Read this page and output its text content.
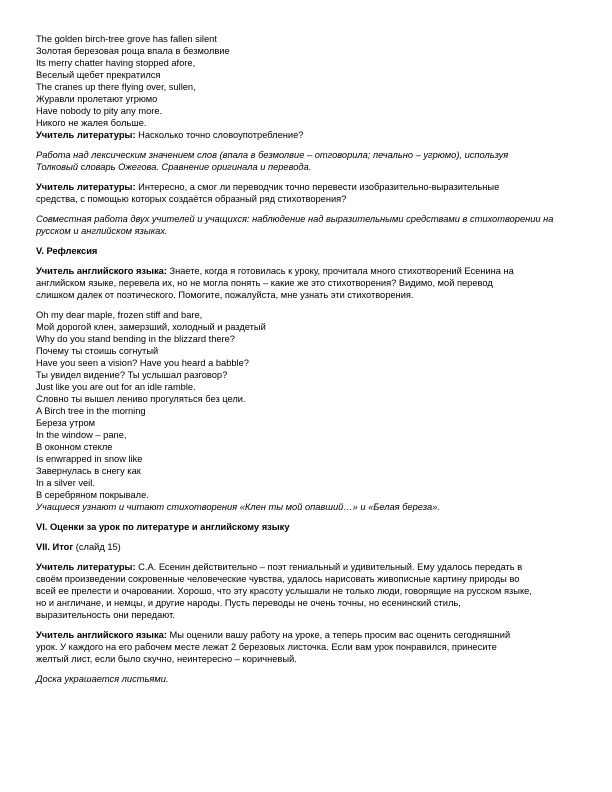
The golden birch-tree grove has fallen silent
Золотая березовая роща впала в безмолвие
Its merry chatter having stopped afore,
Веселый щебет прекратился
The cranes up there flying over, sullen,
Журавли пролетают угрюмо
Have nobody to pity any more.
Никого не жалея больше.
Учитель литературы: Насколько точно словоупотребление?
Работа над лексическим значением слов (впала в безмолвие – отговорила; печально – угрюмо), используя
Толковый словарь Ожегова. Сравнение оригинала и перевода.
Учитель литературы: Интересно, а смог ли переводчик точно перевести изобразительно-выразительные
средства, с помощью которых создаётся образный ряд стихотворения?
Совместная работа двух учителей и учащихся: наблюдение над выразительными средствами в стихотворении на
русском и английском языках.
V. Рефлексия
Учитель английского языка: Знаете, когда я готовилась к уроку, прочитала много стихотворений Есенина на
английском языке, перевела их, но не могла понять – какие же это стихотворения? Видимо, мой перевод
слишком далек от поэтического. Помогите, пожалуйста, мне узнать эти стихотворения.
Oh my dear maple, frozen stiff and bare,
Мой дорогой клен, замерзший, холодный и раздетый
Why do you stand bending in the blizzard there?
Почему ты стоишь согнутый
Have you seen a vision? Have you heard a babble?
Ты увидел видение? Ты услышал разговор?
Just like you are out for an idle ramble.
Словно ты вышел лениво прогуляться без цели.
A Birch tree in the morning
Береза утром
In the window – pane,
В оконном стекле
Is enwrapped in snow like
Завернулась в снегу как
In a silver veil.
В серебряном покрывале.
Учащиеся узнают и читают стихотворения «Клен ты мой опавший…» и «Белая береза».
VI. Оценки за урок по литературе и английскому языку
VII. Итог (слайд 15)
Учитель литературы: С.А. Есенин действительно – поэт гениальный и удивительный. Ему удалось передать в
своём произведении сокровенные человеческие чувства, удалось нарисовать живописные картину природы во
всей ее прелести и очаровании. Хорошо, что эту красоту услышали не только люди, говорящие на русском языке,
но и англичане, и немцы, и другие народы. Пусть переводы не очень точны, но есенинский стиль,
выразительность они передают.
Учитель английского языка: Мы оценили вашу работу на уроке, а теперь просим вас оценить сегодняшний
урок. У каждого на его рабочем месте лежат 2 березовых листочка. Если вам урок понравился, принесите
желтый лист, если было скучно, неинтересно – коричневый.
Доска украшается листьями.
